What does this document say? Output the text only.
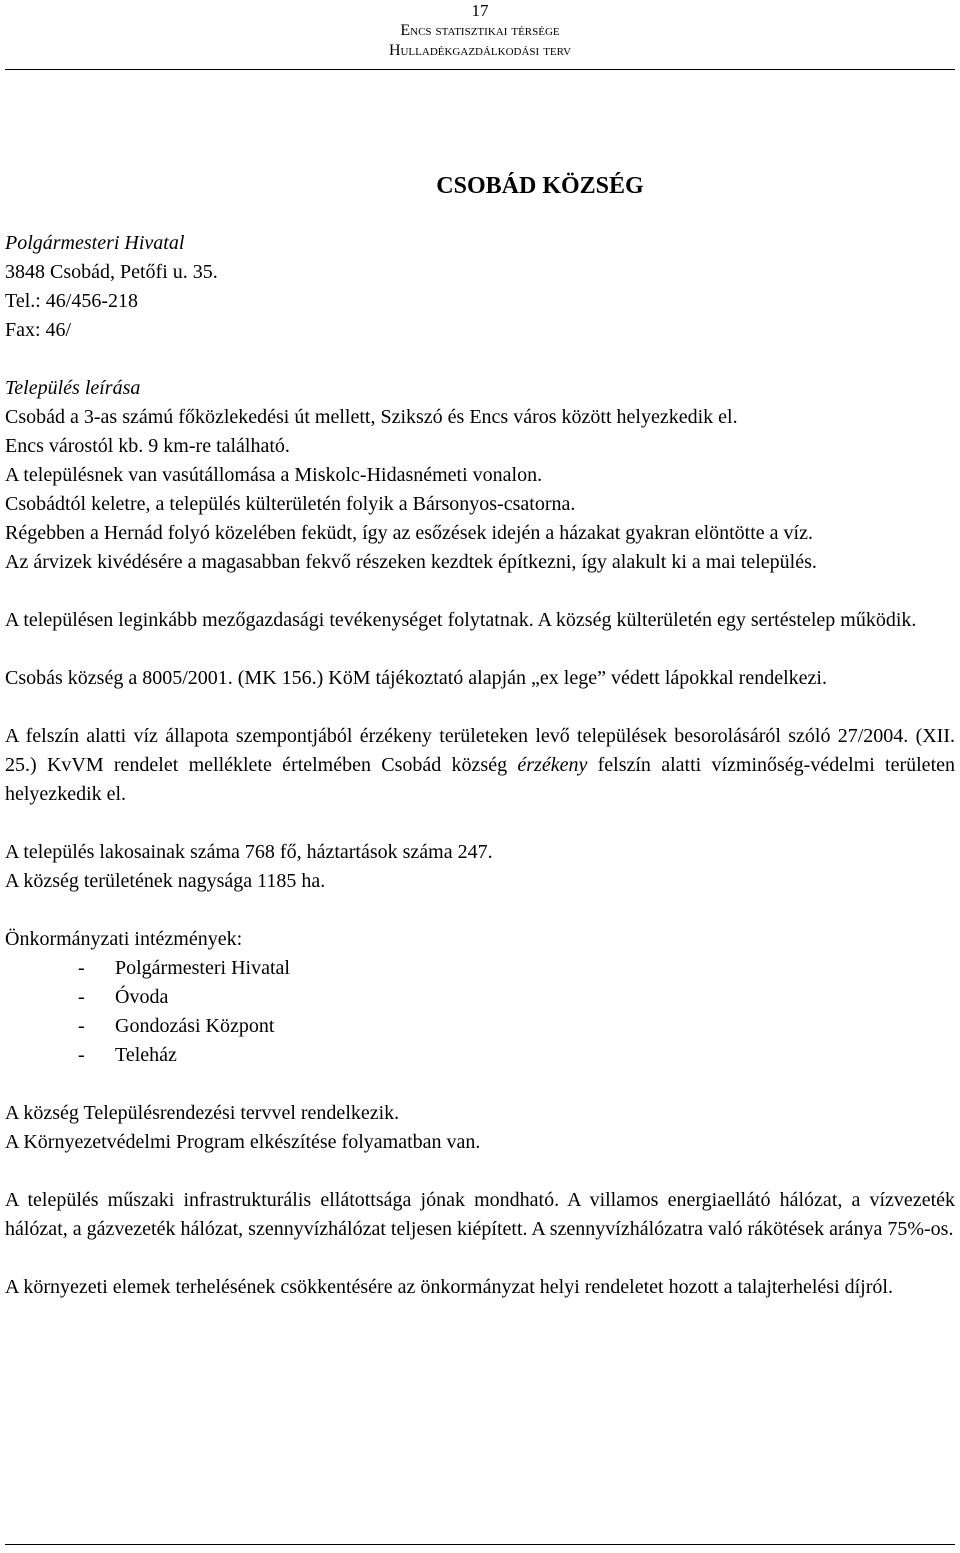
17
Encs statisztikai térsége
Hulladékgazdálkodási terv
CSOBÁD KÖZSÉG

Polgármesteri Hivatal

3848 Csobád, Petőfi u. 35.

Tel.: 46/456-218

Fax: 46/

Település leírása

Csobád a 3-as számú főközlekedési út mellett, Szikszó és Encs város között helyezkedik el.

Encs várostól kb. 9 km-re található.

A településnek van vasútállomása a Miskolc-Hidasnémeti vonalon.

Csobádtól keletre, a település külterületén folyik a Bársonyos-csatorna.

Régebben a Hernád folyó közelében feküdt, így az esőzések idején a házakat gyakran elöntötte a víz.

Az árvizek kivédésére a magasabban fekvő részeken kezdtek építkezni, így alakult ki a mai település.

A településen leginkább mezőgazdasági tevékenységet folytatnak. A község külterületén egy sertéstelep működik.

Csobás község a 8005/2001. (MK 156.) KöM tájékoztató alapján „ex lege” védett lápokkal rendelkezi.

A felszín alatti víz állapota szempontjából érzékeny területeken levő települések besorolásáról szóló 27/2004. (XII. 25.) KvVM rendelet melléklete értelmében Csobád község érzékeny felszín alatti vízminőség-védelmi területen helyezkedik el.

A település lakosainak száma 768 fő, háztartások száma 247.

A község területének nagysága 1185 ha.

Önkormányzati intézmények:

- Polgármesteri Hivatal
- Óvoda
- Gondozási Központ
- Teleház

A község Településrendezési tervvel rendelkezik.

A Környezetvédelmi Program elkészítése folyamatban van.

A település műszaki infrastrukturális ellátottsága jónak mondható. A villamos energiaellátó hálózat, a vízvezeték hálózat, a gázvezeték hálózat, szennyvízhálózat teljesen kiépített. A szennyvízhálózatra való rákötések aránya 75%-os.

A környezeti elemek terhelésének csökkentésére az önkormányzat helyi rendeletet hozott a talajterhelési díjról.
